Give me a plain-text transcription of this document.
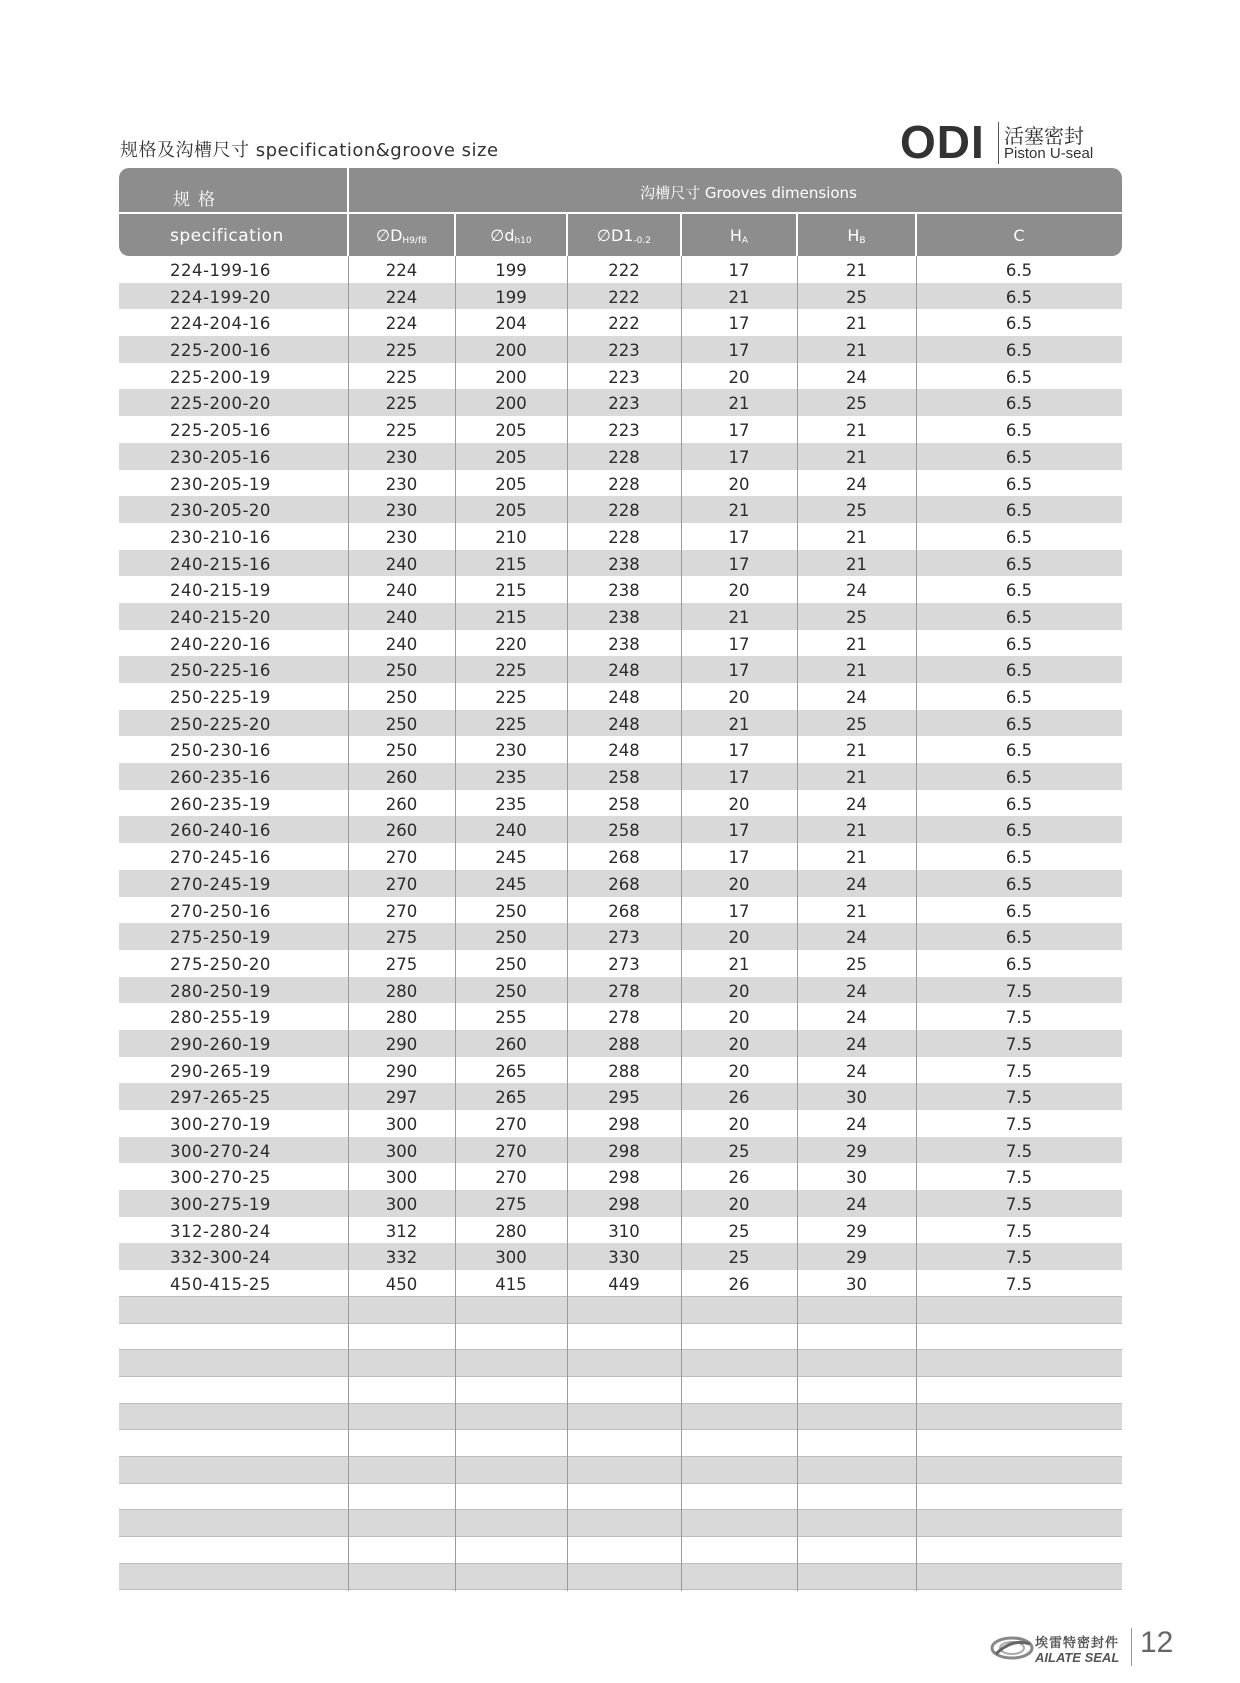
规格及沟槽尺寸 specification&groove size	ODI 活塞密封
Piston U-seal
规格
specification
沟槽尺寸 Grooves dimensions
$\emptyset D_{H9/f8}$	$\emptyset d_{h10}$	$\emptyset D1_{-0.2}$	$H_A$	$H_B$	C
224-199-16	224	199	222	17	21	6.5
224-199-20	224	199	222	21	25	6.5
224-204-16	224	204	222	17	21	6.5
225-200-16	225	200	223	17	21	6.5
225-200-19	225	200	223	20	24	6.5
225-200-20	225	200	223	21	25	6.5
225-205-16	225	205	223	17	21	6.5
230-205-16	230	205	228	17	21	6.5
230-205-19	230	205	228	20	24	6.5
230-205-20	230	205	228	21	25	6.5
230-210-16	230	210	228	17	21	6.5
240-215-16	240	215	238	17	21	6.5
240-215-19	240	215	238	20	24	6.5
240-215-20	240	215	238	21	25	6.5
240-220-16	240	220	238	17	21	6.5
250-225-16	250	225	248	17	21	6.5
250-225-19	250	225	248	20	24	6.5
250-225-20	250	225	248	21	25	6.5
250-230-16	250	230	248	17	21	6.5
260-235-16	260	235	258	17	21	6.5
260-235-19	260	235	258	20	24	6.5
260-240-16	260	240	258	17	21	6.5
270-245-16	270	245	268	17	21	6.5
270-245-19	270	245	268	20	24	6.5
270-250-16	270	250	268	17	21	6.5
275-250-19	275	250	273	20	24	6.5
275-250-20	275	250	273	21	25	6.5
280-250-19	280	250	278	20	24	7.5
280-255-19	280	255	278	20	24	7.5
290-260-19	290	260	288	20	24	7.5
290-265-19	290	265	288	20	24	7.5
297-265-25	297	265	295	26	30	7.5
300-270-19	300	270	298	20	24	7.5
300-270-24	300	270	298	25	29	7.5
300-270-25	300	270	298	26	30	7.5
300-275-19	300	275	298	20	24	7.5
312-280-24	312	280	310	25	29	7.5
332-300-24	332	300	330	25	29	7.5
450-415-25	450	415	449	26	30	7.5
埃雷特密封件
AILATE SEAL 12
